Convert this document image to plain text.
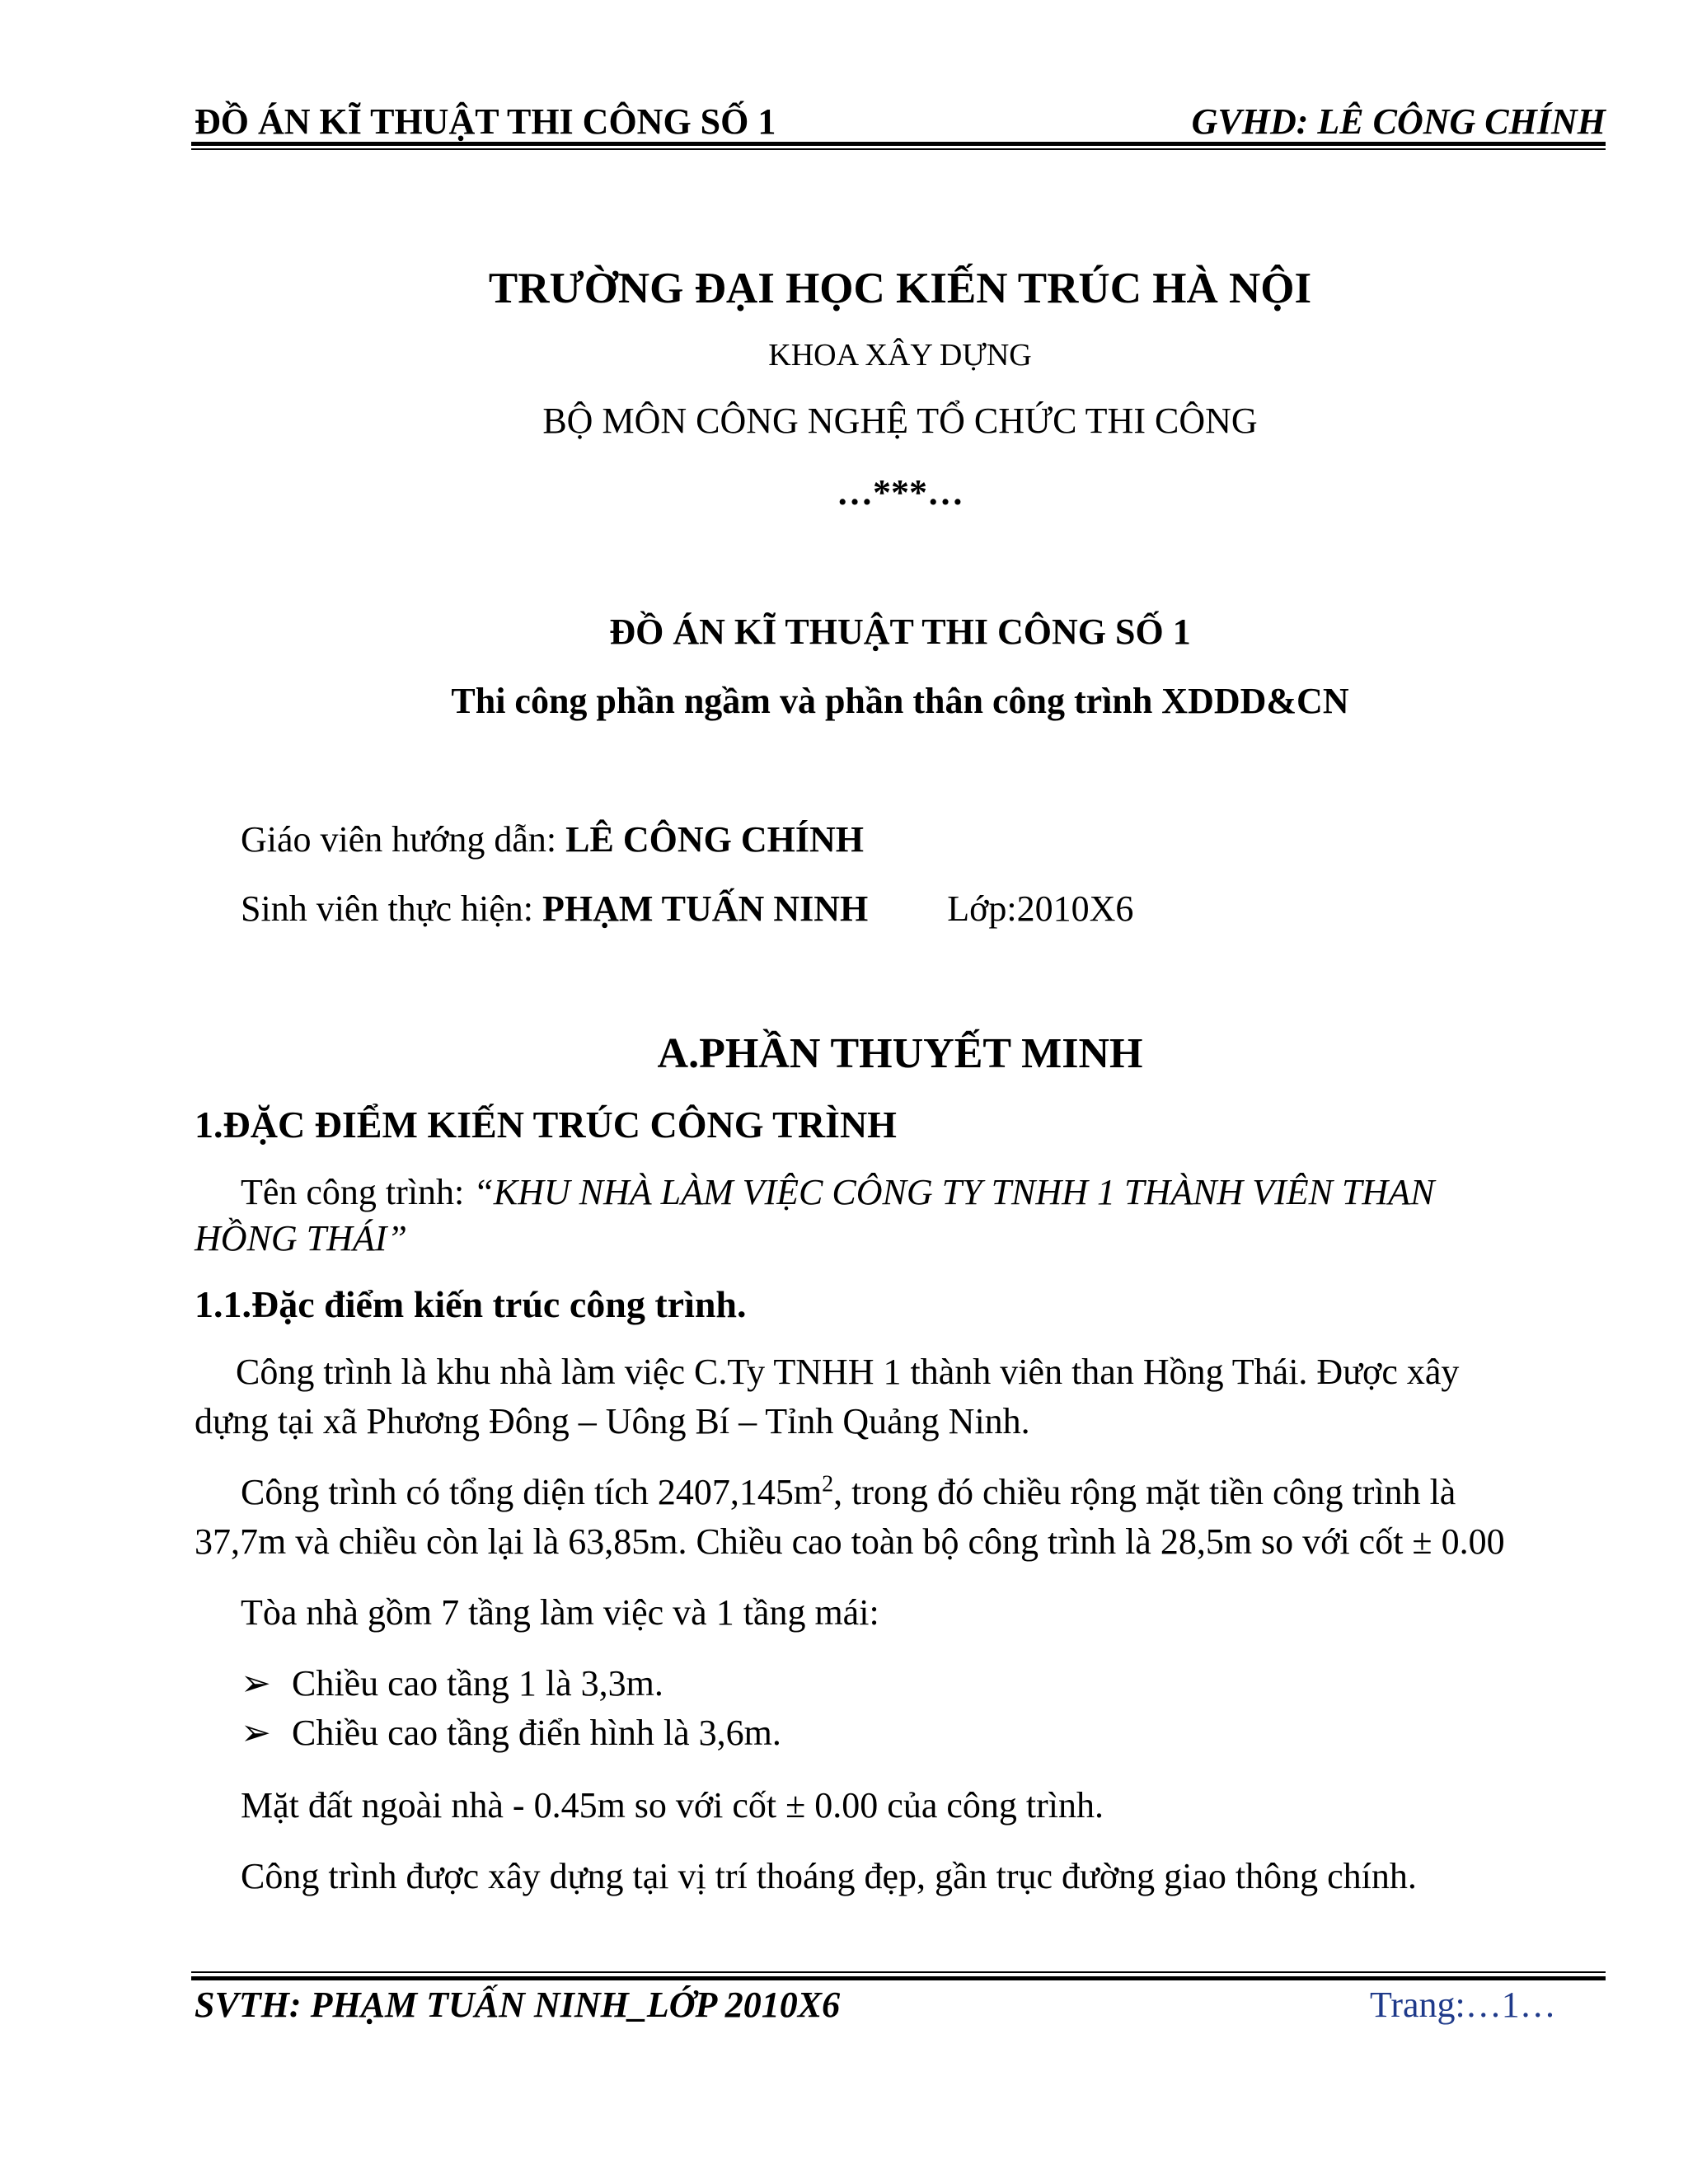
ĐỒ ÁN KĨ THUẬT THI CÔNG SỐ 1	GVHD: LÊ CÔNG CHÍNH
TRƯỜNG ĐẠI HỌC KIẾN TRÚC HÀ NỘI
KHOA XÂY DỰNG
BỘ MÔN CÔNG NGHỆ TỔ CHỨC THI CÔNG
…***…
ĐỒ ÁN KĨ THUẬT THI CÔNG SỐ 1
Thi công phần ngầm và phần thân công trình XDDD&CN
Giáo viên hướng dẫn: LÊ CÔNG CHÍNH
Sinh viên thực hiện: PHẠM TUẤN NINH Lớp:2010X6
A.PHẦN THUYẾT MINH
1.ĐẶC ĐIỂM KIẾN TRÚC CÔNG TRÌNH
Tên công trình: “KHU NHÀ LÀM VIỆC CÔNG TY TNHH 1 THÀNH VIÊN THAN
HỒNG THÁI”
1.1.Đặc điểm kiến trúc công trình.
Công trình là khu nhà làm việc C.Ty TNHH 1 thành viên than Hồng Thái. Được xây
dựng tại xã Phương Đông – Uông Bí – Tỉnh Quảng Ninh.
Công trình có tổng diện tích $2407,145m^2$, trong đó chiều rộng mặt tiền công trình là
37,7m và chiều còn lại là 63,85m. Chiều cao toàn bộ công trình là 28,5m so với cốt ± 0.00
Tòa nhà gồm 7 tầng làm việc và 1 tầng mái:
➢ Chiều cao tầng 1 là 3,3m.
➢ Chiều cao tầng điển hình là 3,6m.
Mặt đất ngoài nhà - 0.45m so với cốt ± 0.00 của công trình.
Công trình được xây dựng tại vị trí thoáng đẹp, gần trục đường giao thông chính.
SVTH: PHẠM TUẤN NINH_LỚP 2010X6	Trang:…1…
